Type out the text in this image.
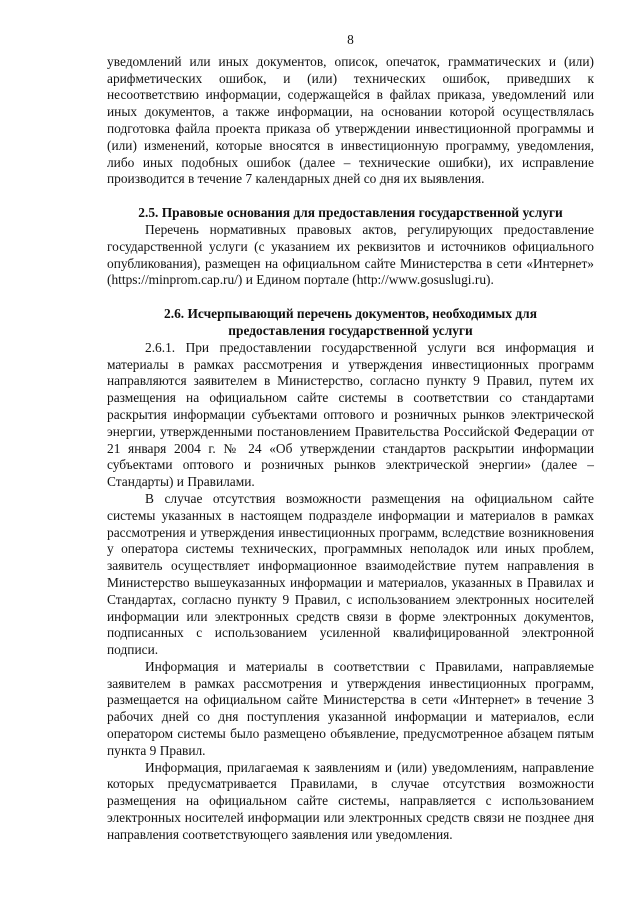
8

уведомлений или иных документов, описок, опечаток, грамматических и (или) арифметических ошибок, и (или) технических ошибок, приведших к несоответствию информации, содержащейся в файлах приказа, уведомлений или иных документов, а также информации, на основании которой осуществлялась подготовка файла проекта приказа об утверждении инвестиционной программы и (или) изменений, которые вносятся в инвестиционную программу, уведомления, либо иных подобных ошибок (далее – технические ошибки), их исправление производится в течение 7 календарных дней со дня их выявления.

2.5. Правовые основания для предоставления государственной услуги

Перечень нормативных правовых актов, регулирующих предоставление государственной услуги (с указанием их реквизитов и источников официального опубликования), размещен на официальном сайте Министерства в сети «Интернет» (https://minprom.cap.ru/) и Едином портале (http://www.gosuslugi.ru).

2.6. Исчерпывающий перечень документов, необходимых для

предоставления государственной услуги

2.6.1. При предоставлении государственной услуги вся информация и материалы в рамках рассмотрения и утверждения инвестиционных программ направляются заявителем в Министерство, согласно пункту 9 Правил, путем их размещения на официальном сайте системы в соответствии со стандартами раскрытия информации субъектами оптового и розничных рынков электрической энергии, утвержденными постановлением Правительства Российской Федерации от 21 января 2004 г. № 24 «Об утверждении стандартов раскрытии информации субъектами оптового и розничных рынков электрической энергии» (далее – Стандарты) и Правилами.

В случае отсутствия возможности размещения на официальном сайте системы указанных в настоящем подразделе информации и материалов в рамках рассмотрения и утверждения инвестиционных программ, вследствие возникновения у оператора системы технических, программных неполадок или иных проблем, заявитель осуществляет информационное взаимодействие путем направления в Министерство вышеуказанных информации и материалов, указанных в Правилах и Стандартах, согласно пункту 9 Правил, с использованием электронных носителей информации или электронных средств связи в форме электронных документов, подписанных с использованием усиленной квалифицированной электронной подписи.

Информация и материалы в соответствии с Правилами, направляемые заявителем в рамках рассмотрения и утверждения инвестиционных программ, размещается на официальном сайте Министерства в сети «Интернет» в течение 3 рабочих дней со дня поступления указанной информации и материалов, если оператором системы было размещено объявление, предусмотренное абзацем пятым пункта 9 Правил.

Информация, прилагаемая к заявлениям и (или) уведомлениям, направление которых предусматривается Правилами, в случае отсутствия возможности размещения на официальном сайте системы, направляется с использованием электронных носителей информации или электронных средств связи не позднее дня направления соответствующего заявления или уведомления.
